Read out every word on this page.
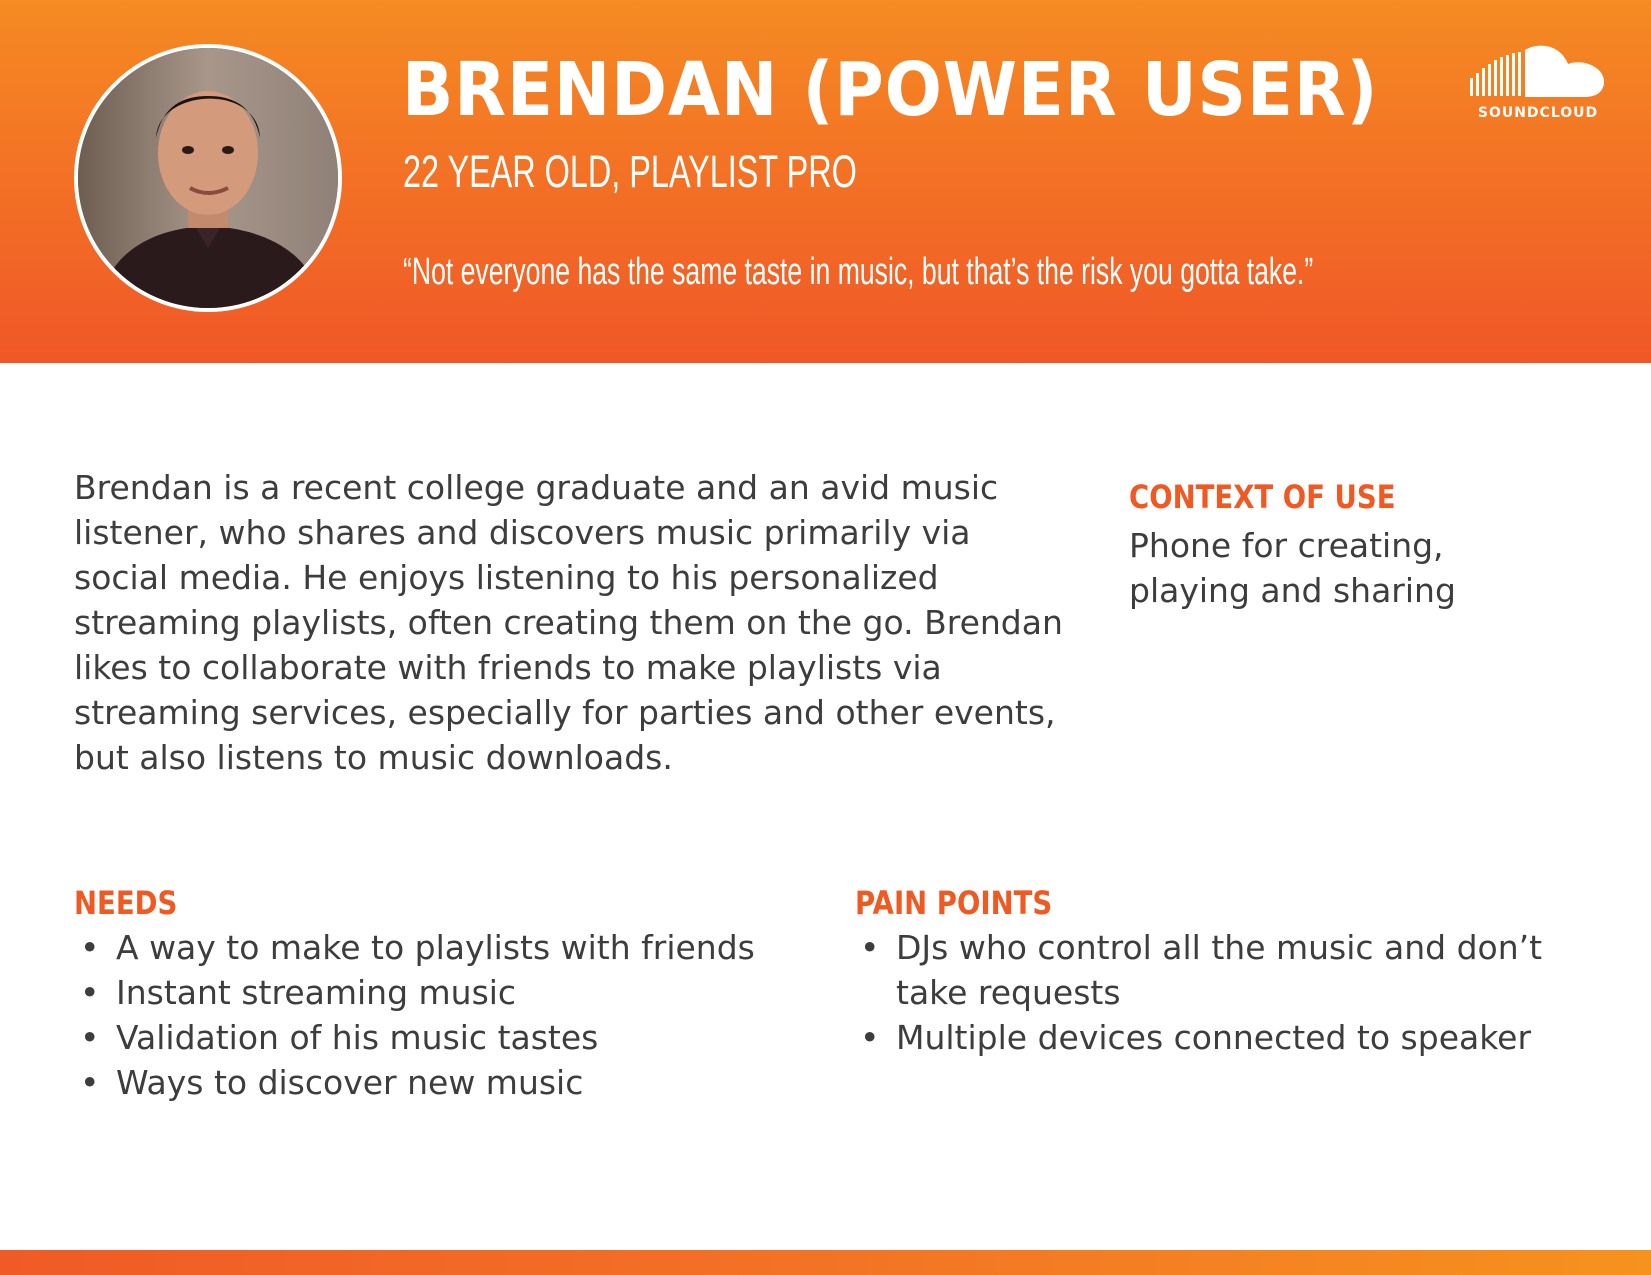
BRENDAN (POWER USER)
22 YEAR OLD, PLAYLIST PRO
“Not everyone has the same taste in music, but that’s the risk you gotta take.”
SOUNDCLOUD

Brendan is a recent college graduate and an avid music listener, who shares and discovers music primarily via social media. He enjoys listening to his personalized streaming playlists, often creating them on the go. Brendan likes to collaborate with friends to make playlists via streaming services, especially for parties and other events, but also listens to music downloads.

CONTEXT OF USE

Phone for creating, playing and sharing

NEEDS
• A way to make to playlists with friends
• Instant streaming music
• Validation of his music tastes
• Ways to discover new music
PAIN POINTS
• DJs who control all the music and don’t take requests
• Multiple devices connected to speaker
